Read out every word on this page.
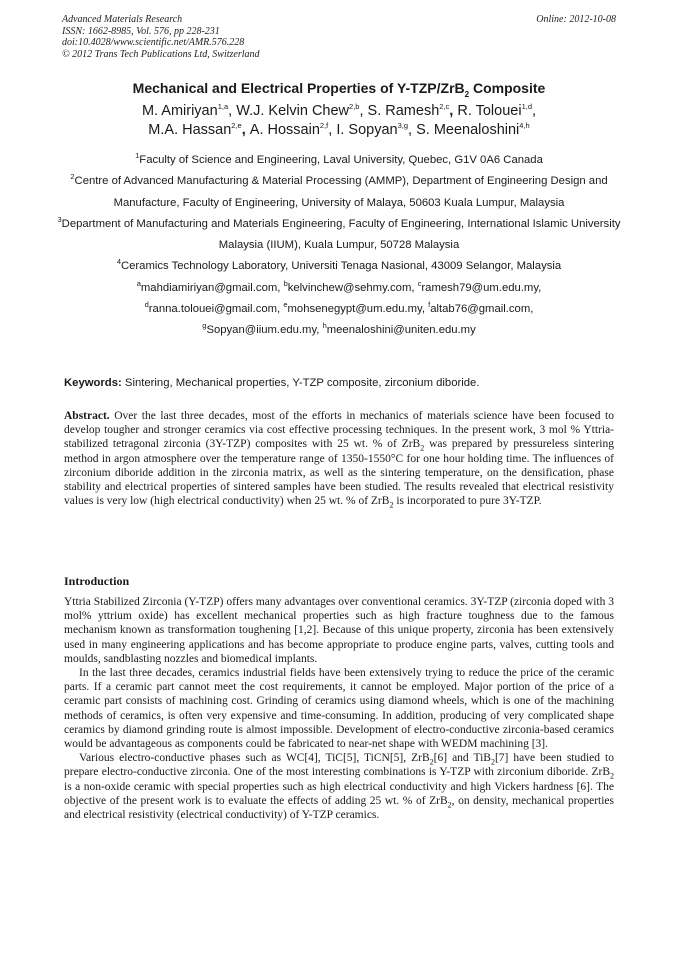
Advanced Materials Research
ISSN: 1662-8985, Vol. 576, pp 228-231
doi:10.4028/www.scientific.net/AMR.576.228
© 2012 Trans Tech Publications Ltd, Switzerland
Online: 2012-10-08
Mechanical and Electrical Properties of Y-TZP/ZrB$_2$ Composite
M. Amiriyan$^{1,a}$, W.J. Kelvin Chew$^{2,b}$, S. Ramesh$^{2,c}$, R. Tolouei$^{1,d}$,
M.A. Hassan$^{2,e}$, A. Hossain$^{2,f}$, I. Sopyan$^{3,g}$, S. Meenaloshini$^{4,h}$
$^1$Faculty of Science and Engineering, Laval University, Quebec, G1V 0A6 Canada
$^2$Centre of Advanced Manufacturing & Material Processing (AMMP), Department of Engineering Design and Manufacture, Faculty of Engineering, University of Malaya, 50603 Kuala Lumpur, Malaysia
$^3$Department of Manufacturing and Materials Engineering, Faculty of Engineering, International Islamic University Malaysia (IIUM), Kuala Lumpur, 50728 Malaysia
$^4$Ceramics Technology Laboratory, Universiti Tenaga Nasional, 43009 Selangor, Malaysia
$^a$mahdiamiriyan@gmail.com, $^b$kelvinchew@sehmy.com, $^c$ramesh79@um.edu.my,
$^d$ranna.tolouei@gmail.com, $^e$mohsenegypt@um.edu.my, $^f$altab76@gmail.com,
$^g$Sopyan@iium.edu.my, $^h$meenaloshini@uniten.edu.my
Keywords: Sintering, Mechanical properties, Y-TZP composite, zirconium diboride.
Abstract. Over the last three decades, most of the efforts in mechanics of materials science have been focused to develop tougher and stronger ceramics via cost effective processing techniques. In the present work, 3 mol % Yttria-stabilized tetragonal zirconia (3Y-TZP) composites with 25 wt. % of ZrB$_2$ was prepared by pressureless sintering method in argon atmosphere over the temperature range of 1350-1550°C for one hour holding time. The influences of zirconium diboride addition in the zirconia matrix, as well as the sintering temperature, on the densification, phase stability and electrical properties of sintered samples have been studied. The results revealed that electrical resistivity values is very low (high electrical conductivity) when 25 wt. % of ZrB$_2$ is incorporated to pure 3Y-TZP.
Introduction

Yttria Stabilized Zirconia (Y-TZP) offers many advantages over conventional ceramics. 3Y-TZP (zirconia doped with 3 mol% yttrium oxide) has excellent mechanical properties such as high fracture toughness due to the famous mechanism known as transformation toughening [1,2]. Because of this unique property, zirconia has been extensively used in many engineering applications and has become appropriate to produce engine parts, valves, cutting tools and moulds, sandblasting nozzles and biomedical implants.

In the last three decades, ceramics industrial fields have been extensively trying to reduce the price of the ceramic parts. If a ceramic part cannot meet the cost requirements, it cannot be employed. Major portion of the price of a ceramic part consists of machining cost. Grinding of ceramics using diamond wheels, which is one of the machining methods of ceramics, is often very expensive and time-consuming. In addition, producing of very complicated shape ceramics by diamond grinding route is almost impossible. Development of electro-conductive zirconia-based ceramics would be advantageous as components could be fabricated to near-net shape with WEDM machining [3].

Various electro-conductive phases such as WC[4], TiC[5], TiCN[5], ZrB$_2$[6] and TiB$_2$[7] have been studied to prepare electro-conductive zirconia. One of the most interesting combinations is Y-TZP with zirconium diboride. ZrB$_2$ is a non-oxide ceramic with special properties such as high electrical conductivity and high Vickers hardness [6]. The objective of the present work is to evaluate the effects of adding 25 wt. % of ZrB$_2$, on density, mechanical properties and electrical resistivity (electrical conductivity) of Y-TZP ceramics.
